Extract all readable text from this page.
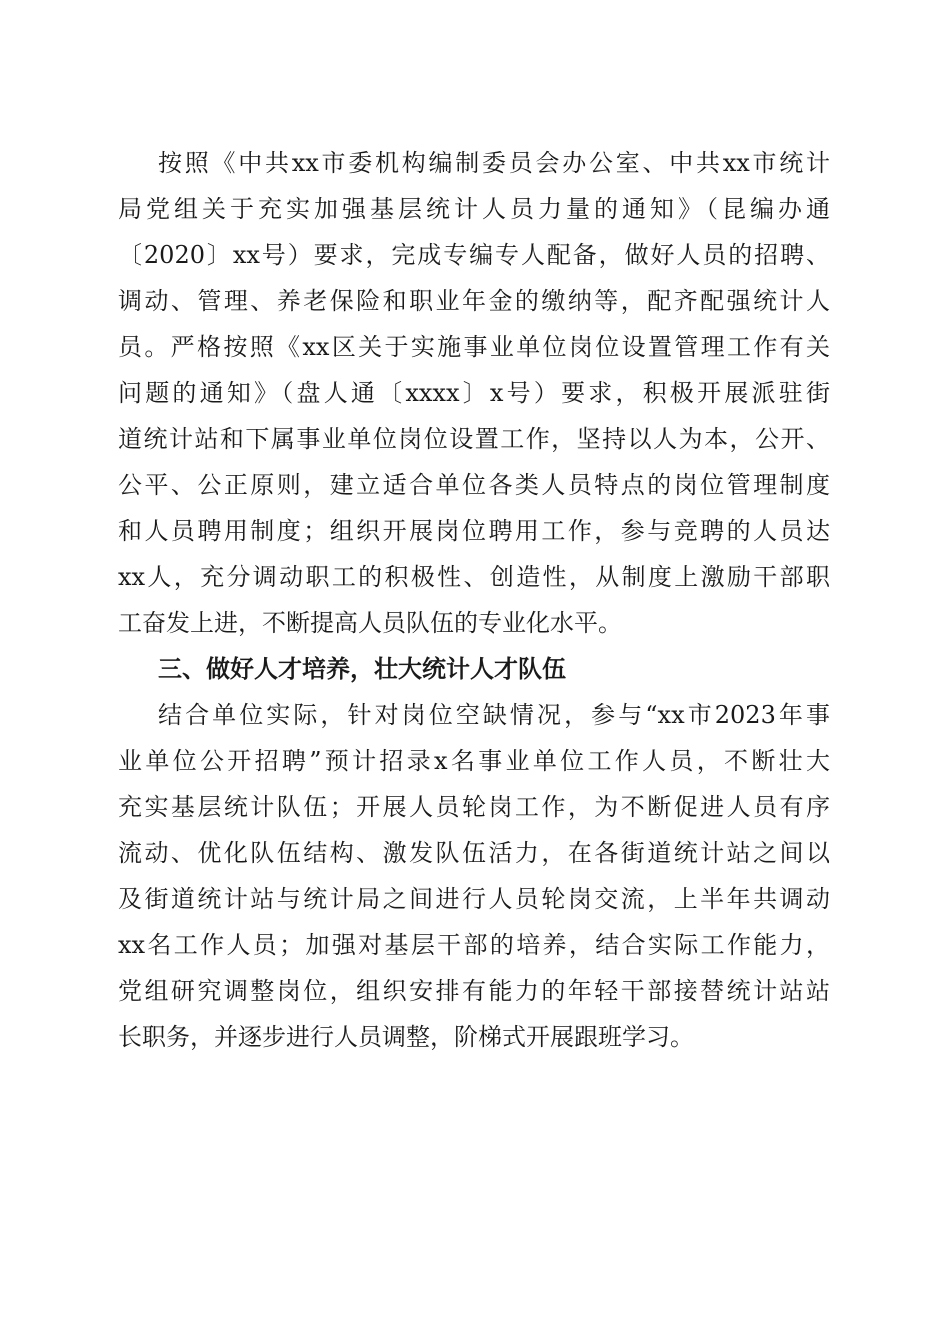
按照《中共xx市委机构编制委员会办公室、中共xx市统计
局党组关于充实加强基层统计人员力量的通知》（昆编办通
〔2020〕xx号）要求，完成专编专人配备，做好人员的招聘、
调动、管理、养老保险和职业年金的缴纳等，配齐配强统计人
员。严格按照《xx区关于实施事业单位岗位设置管理工作有关
问题的通知》（盘人通〔xxxx〕x号）要求，积极开展派驻街
道统计站和下属事业单位岗位设置工作，坚持以人为本，公开、
公平、公正原则，建立适合单位各类人员特点的岗位管理制度
和人员聘用制度；组织开展岗位聘用工作，参与竞聘的人员达
xx人，充分调动职工的积极性、创造性，从制度上激励干部职
工奋发上进，不断提高人员队伍的专业化水平。
三、做好人才培养，壮大统计人才队伍
结合单位实际，针对岗位空缺情况，参与“xx市2023年事
业单位公开招聘”预计招录x名事业单位工作人员，不断壮大
充实基层统计队伍；开展人员轮岗工作，为不断促进人员有序
流动、优化队伍结构、激发队伍活力，在各街道统计站之间以
及街道统计站与统计局之间进行人员轮岗交流，上半年共调动
xx名工作人员；加强对基层干部的培养，结合实际工作能力，
党组研究调整岗位，组织安排有能力的年轻干部接替统计站站
长职务，并逐步进行人员调整，阶梯式开展跟班学习。
